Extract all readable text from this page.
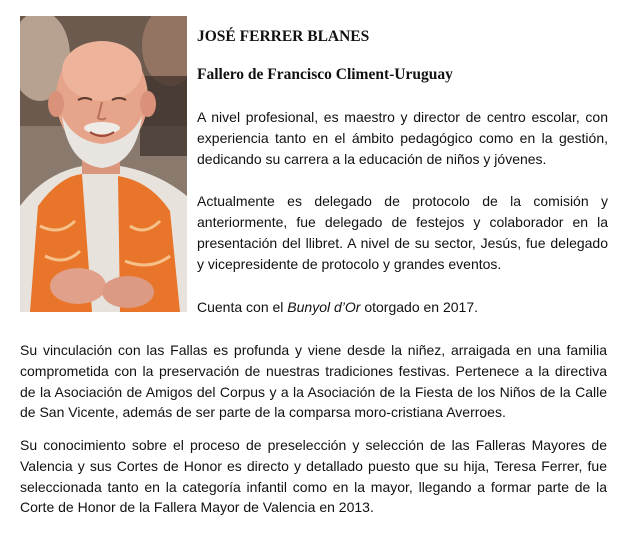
JOSÉ FERRER BLANES
Fallero de Francisco Climent-Uruguay
A nivel profesional, es maestro y director de centro escolar, con
experiencia tanto en el ámbito pedagógico como en la gestión,
dedicando su carrera a la educación de niños y jóvenes.
Actualmente es delegado de protocolo de la comisión y
anteriormente, fue delegado de festejos y colaborador en la
presentación del llibret. A nivel de su sector, Jesús, fue delegado
y vicepresidente de protocolo y grandes eventos.
Cuenta con el Bunyol d’Or otorgado en 2017.
Su vinculación con las Fallas es profunda y viene desde la niñez, arraigada en una familia
comprometida con la preservación de nuestras tradiciones festivas. Pertenece a la directiva
de la Asociación de Amigos del Corpus y a la Asociación de la Fiesta de los Niños de la Calle
de San Vicente, además de ser parte de la comparsa moro-cristiana Averroes.
Su conocimiento sobre el proceso de preselección y selección de las Falleras Mayores de
Valencia y sus Cortes de Honor es directo y detallado puesto que su hija, Teresa Ferrer, fue
seleccionada tanto en la categoría infantil como en la mayor, llegando a formar parte de la
Corte de Honor de la Fallera Mayor de Valencia en 2013.
